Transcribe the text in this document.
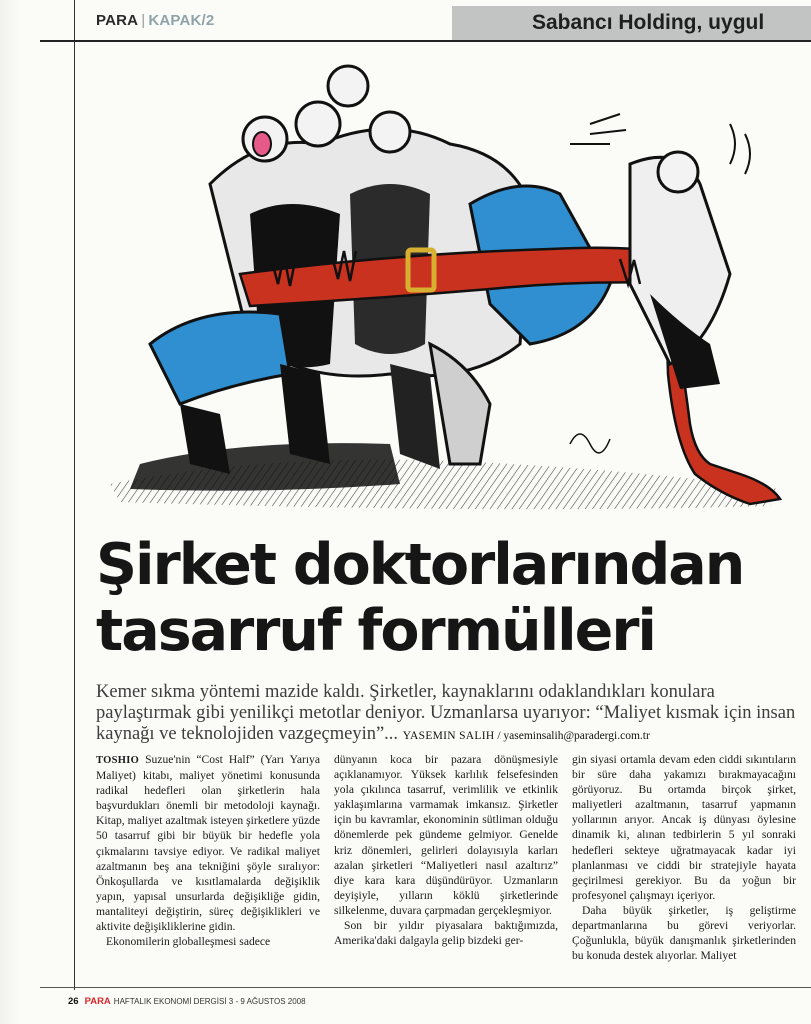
PARA | KAPAK/2	Sabancı Holding, uygul
Şirket doktorlarından
tasarruf formülleri
Kemer sıkma yöntemi mazide kaldı. Şirketler, kaynaklarını odaklandıkları konulara paylaştırmak gibi yenilikçi metotlar deniyor. Uzmanlarsa uyarıyor: “Maliyet kısmak için insan kaynağı ve teknolojiden vazgeçmeyin”... YASEMIN SALIH / yaseminsalih@paradergi.com.tr

TOSHIO Suzue'nin “Cost Half” (Yarı Yarıya Maliyet) kitabı, maliyet yönetimi konusunda radikal hedefleri olan şirketlerin hala başvurdukları önemli bir metodoloji kaynağı. Kitap, maliyet azaltmak isteyen şirketlere yüzde 50 tasarruf gibi bir büyük bir hedefle yola çıkmalarını tavsiye ediyor. Ve radikal maliyet azaltmanın beş ana tekniğini şöyle sıralıyor: Önkoşullarda ve kısıtlamalarda değişiklik yapın, yapısal unsurlarda değişikliğe gidin, mantaliteyi değiştirin, süreç değişiklikleri ve aktivite değişikliklerine gidin.

Ekonomilerin globalleşmesi sadece

dünyanın koca bir pazara dönüşmesiyle açıklanamıyor. Yüksek karlılık felsefesinden yola çıkılınca tasarruf, verimlilik ve etkinlik yaklaşımlarına varmamak imkansız. Şirketler için bu kavramlar, ekonominin sütliman olduğu dönemlerde pek gündeme gelmiyor. Genelde kriz dönemleri, gelirleri dolayısıyla karları azalan şirketleri “Maliyetleri nasıl azaltırız” diye kara kara düşündürüyor. Uzmanların deyişiyle, yılların köklü şirketlerinde silkelenme, duvara çarpmadan gerçekleşmiyor.

Son bir yıldır piyasalara baktığımızda, Amerika'daki dalgayla gelip bizdeki ger-

gin siyasi ortamla devam eden ciddi sıkıntıların bir süre daha yakamızı bırakmayacağını görüyoruz. Bu ortamda birçok şirket, maliyetleri azaltmanın, tasarruf yapmanın yollarının arıyor. Ancak iş dünyası öylesine dinamik ki, alınan tedbirlerin 5 yıl sonraki hedefleri sekteye uğratmayacak kadar iyi planlanması ve ciddi bir stratejiyle hayata geçirilmesi gerekiyor. Bu da yoğun bir profesyonel çalışmayı içeriyor.

Daha büyük şirketler, iş geliştirme departmanlarına bu görevi veriyorlar. Çoğunlukla, büyük danışmanlık şirketlerinden bu konuda destek alıyorlar. Maliyet

26 PARA HAFTALIK EKONOMİ DERGİSİ 3 - 9 AĞUSTOS 2008
